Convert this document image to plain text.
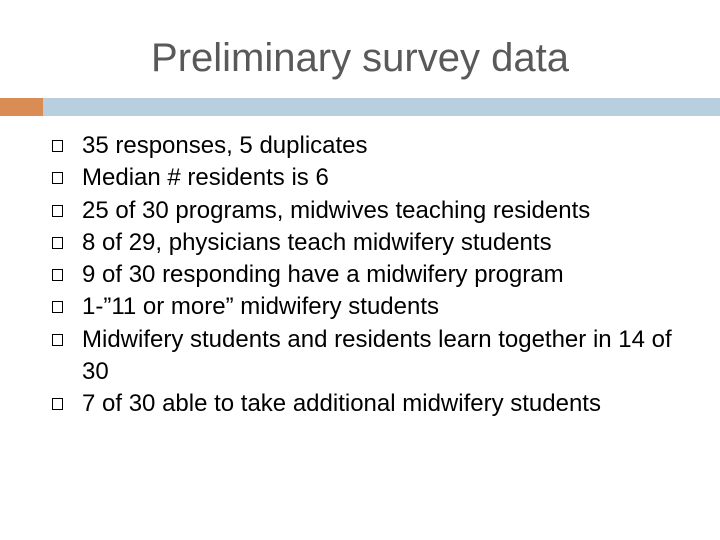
Preliminary survey data
35 responses, 5 duplicates
Median # residents is 6
25 of 30 programs, midwives teaching residents
8 of 29, physicians teach midwifery students
9 of 30 responding have a midwifery program
1-”11 or more” midwifery students
Midwifery students and residents learn together in 14 of 30
7 of 30 able to take additional midwifery students
